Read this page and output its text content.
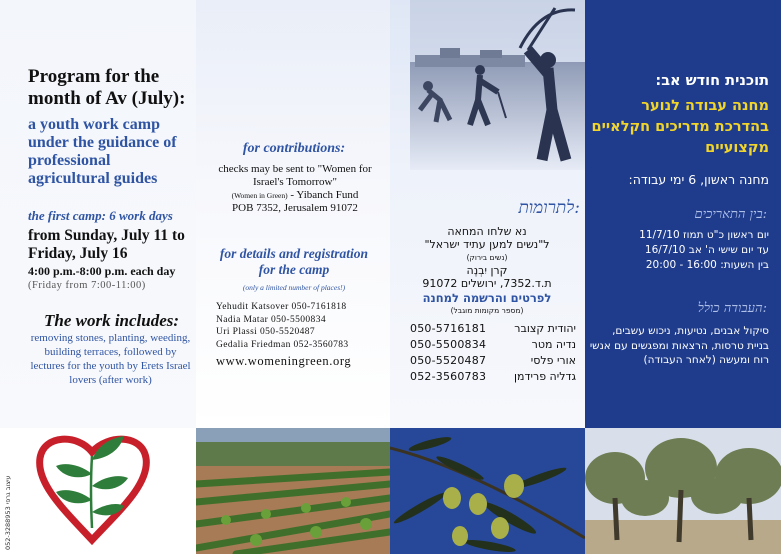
Program for the month of Av (July):
a youth work camp under the guidance of professional agricultural guides
the first camp: 6 work days
from Sunday, July 11 to Friday, July 16
4:00 p.m.-8:00 p.m. each day
(Friday from 7:00-11:00)
The work includes:
removing stones, planting, weeding, building terraces, followed by lectures for the youth by Erets Israel lovers (after work)
for contributions:
checks may be sent to "Women for Israel's Tomorrow"
(Women in Green) - Yibanch Fund
POB 7352, Jerusalem 91072
for details and registration for the camp
(only a limited number of places!)
Yehudit Katsover 050-7161818
Nadia Matar 050-5500834
Uri Plassi 050-5520487
Gedalia Friedman 052-3560783
www.womeningreen.org
לתרומות:
נא שלחו המחאה
ל"נשים למען עתיד ישראל"
(נשים בירוק)
קרן יִבְנֶה
ת.ד.7352, ירושלים 91072
לפרטים והרשמה למחנה
(מספר מקומות מוגבל)
050-5716181	יהודית קצובר
050-5500834	נדיה מטר
050-5520487	אורי פלסי
052-3560783	גדליה פרידמן
תוכנית חודש אב:
מחנה עבודה לנוער בהדרכת מדריכים חקלאיים מקצועיים
מחנה ראשון, 6 ימי עבודה:
בין התאריכים:
יום ראשון כ"ט תמוז 11/7/10
עד יום שישי ה' אב 16/7/10
בין השעות: 16:00 - 20:00
העבודה כולל:
סיקול אבנים, נטיעות, ניכוש עשבים, בניית טרסות, הרצאות ומפגשים עם אנשי רוח ומעשה (לאחר העבודה)
052-3288953 עיצוב גרפי
